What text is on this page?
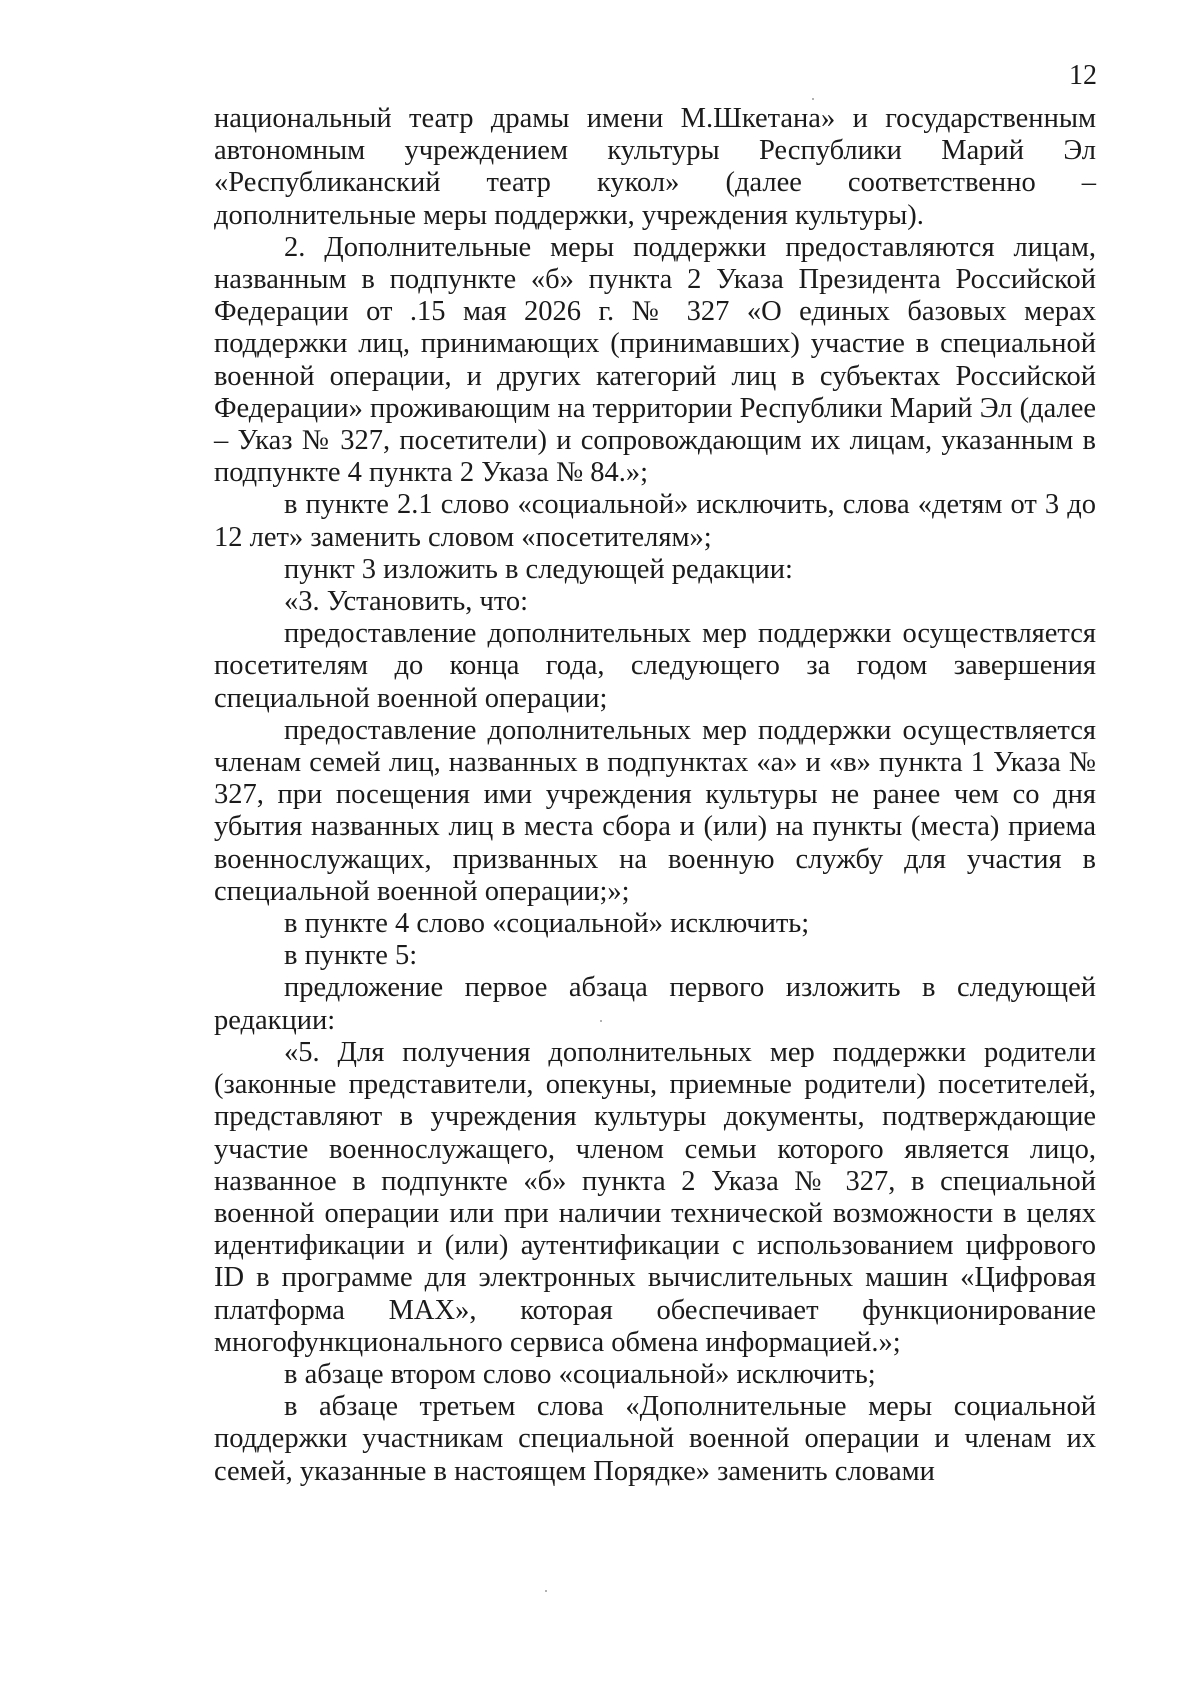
12

национальный театр драмы имени М.Шкетана» и государственным автономным учреждением культуры Республики Марий Эл «Республиканский театр кукол» (далее соответственно – дополнительные меры поддержки, учреждения культуры).

2. Дополнительные меры поддержки предоставляются лицам, названным в подпункте «б» пункта 2 Указа Президента Российской Федерации от .15 мая 2026 г. № 327 «О единых базовых мерах поддержки лиц, принимающих (принимавших) участие в специальной военной операции, и других категорий лиц в субъектах Российской Федерации» проживающим на территории Республики Марий Эл (далее – Указ № 327, посетители) и сопровождающим их лицам, указанным в подпункте 4 пункта 2 Указа № 84.»;

в пункте 2.1 слово «социальной» исключить, слова «детям от 3 до 12 лет» заменить словом «посетителям»;

пункт 3 изложить в следующей редакции:

«3. Установить, что:

предоставление дополнительных мер поддержки осуществляется посетителям до конца года, следующего за годом завершения специальной военной операции;

предоставление дополнительных мер поддержки осуществляется членам семей лиц, названных в подпунктах «а» и «в» пункта 1 Указа № 327, при посещения ими учреждения культуры не ранее чем со дня убытия названных лиц в места сбора и (или) на пункты (места) приема военнослужащих, призванных на военную службу для участия в специальной военной операции;»;

в пункте 4 слово «социальной» исключить;

в пункте 5:

предложение первое абзаца первого изложить в следующей редакции:

«5. Для получения дополнительных мер поддержки родители (законные представители, опекуны, приемные родители) посетителей, представляют в учреждения культуры документы, подтверждающие участие военнослужащего, членом семьи которого является лицо, названное в подпункте «б» пункта 2 Указа № 327, в специальной военной операции или при наличии технической возможности в целях идентификации и (или) аутентификации с использованием цифрового ID в программе для электронных вычислительных машин «Цифровая платформа MAX», которая обеспечивает функционирование многофункционального сервиса обмена информацией.»;

в абзаце втором слово «социальной» исключить;

в абзаце третьем слова «Дополнительные меры социальной поддержки участникам специальной военной операции и членам их семей, указанные в настоящем Порядке» заменить словами
